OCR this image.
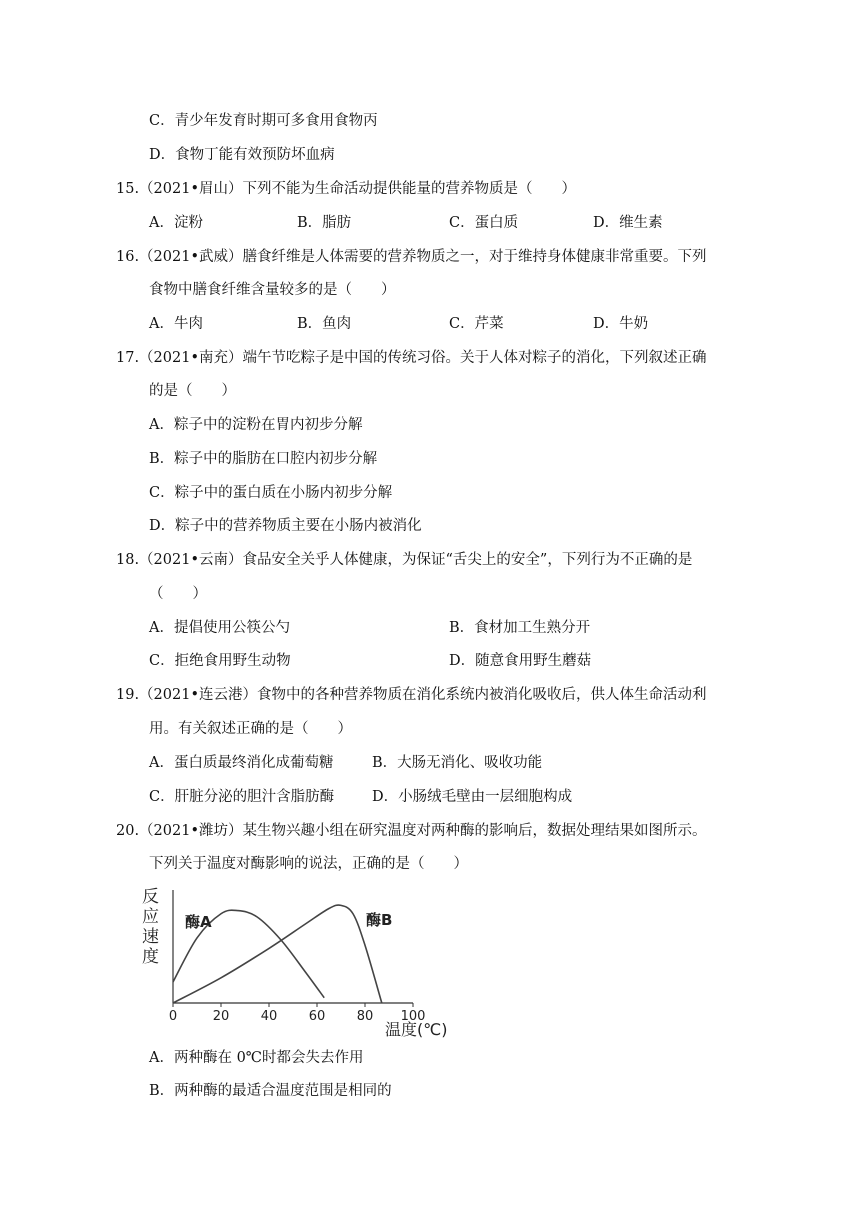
C．青少年发育时期可多食用食物丙
D．食物丁能有效预防坏血病
15.（2021•眉山）下列不能为生命活动提供能量的营养物质是（　　）
A．淀粉	B．脂肪	C．蛋白质	D．维生素
16.（2021•武威）膳食纤维是人体需要的营养物质之一，对于维持身体健康非常重要。下列
食物中膳食纤维含量较多的是（　　）
A．牛肉	B．鱼肉	C．芹菜	D．牛奶
17.（2021•南充）端午节吃粽子是中国的传统习俗。关于人体对粽子的消化，下列叙述正确
的是（　　）
A．粽子中的淀粉在胃内初步分解
B．粽子中的脂肪在口腔内初步分解
C．粽子中的蛋白质在小肠内初步分解
D．粽子中的营养物质主要在小肠内被消化
18.（2021•云南）食品安全关乎人体健康，为保证“舌尖上的安全”，下列行为不正确的是
（　　）
A．提倡使用公筷公勺	B．食材加工生熟分开
C．拒绝食用野生动物	D．随意食用野生蘑菇
19.（2021•连云港）食物中的各种营养物质在消化系统内被消化吸收后，供人体生命活动利
用。有关叙述正确的是（　　）
A．蛋白质最终消化成葡萄糖	B．大肠无消化、吸收功能
C．肝脏分泌的胆汁含脂肪酶	D．小肠绒毛壁由一层细胞构成
20.（2021•潍坊）某生物兴趣小组在研究温度对两种酶的影响后，数据处理结果如图所示。
下列关于温度对酶影响的说法，正确的是（　　）
反
应
速
度
0	20 40 60 80 100
酶A	酶B
温度(℃)
A．两种酶在 0℃时都会失去作用
B．两种酶的最适合温度范围是相同的
